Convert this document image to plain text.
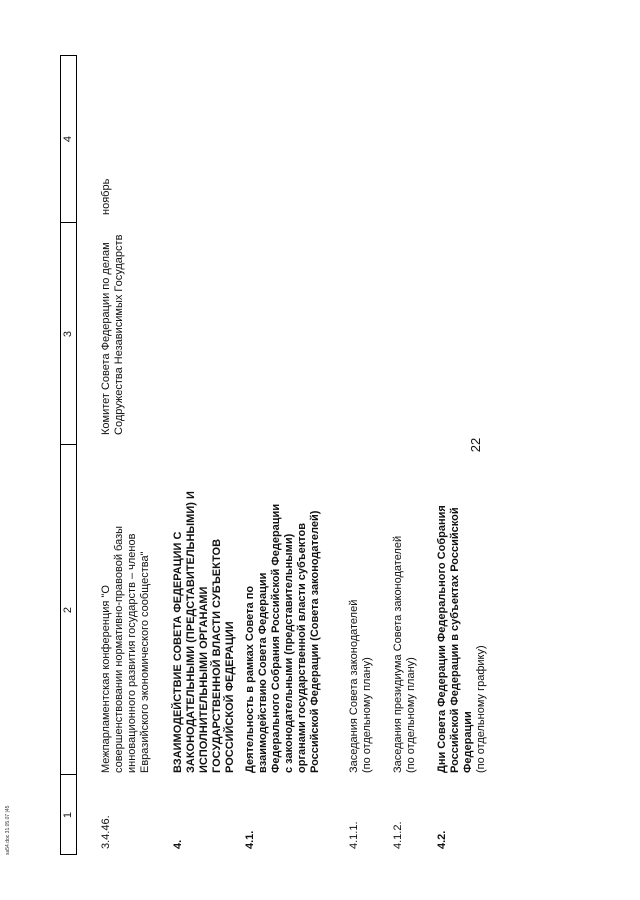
22
1
2
3
4
3.4.46.
Межпарламентская конференция "О совершенствовании нормативно-правовой базы инновационного развития государств – членов Евразийского экономического сообщества"
Комитет Совета Федерации по делам Содружества Независимых Государств
ноябрь
4.
ВЗАИМОДЕЙСТВИЕ СОВЕТА ФЕДЕРАЦИИ С ЗАКОНОДАТЕЛЬНЫМИ (ПРЕДСТАВИТЕЛЬНЫМИ) И ИСПОЛНИТЕЛЬНЫМИ ОРГАНАМИ ГОСУДАРСТВЕННОЙ ВЛАСТИ СУБЪЕКТОВ РОССИЙСКОЙ ФЕДЕРАЦИИ
4.1.
Деятельность в рамках Совета по взаимодействию Совета Федерации Федерального Собрания Российской Федерации с законодательными (представительными) органами государственной власти субъектов Российской Федерации (Совета законодателей)
4.1.1.
Заседания Совета законодателей (по отдельному плану)
4.1.2.
Заседания президиума Совета законодателей (по отдельному плану)
4.2.
Дни Совета Федерации Федерального Собрания Российской Федерации в субъектах Российской Федерации (по отдельному графику)
sa54.doc 31.05.07 |45
